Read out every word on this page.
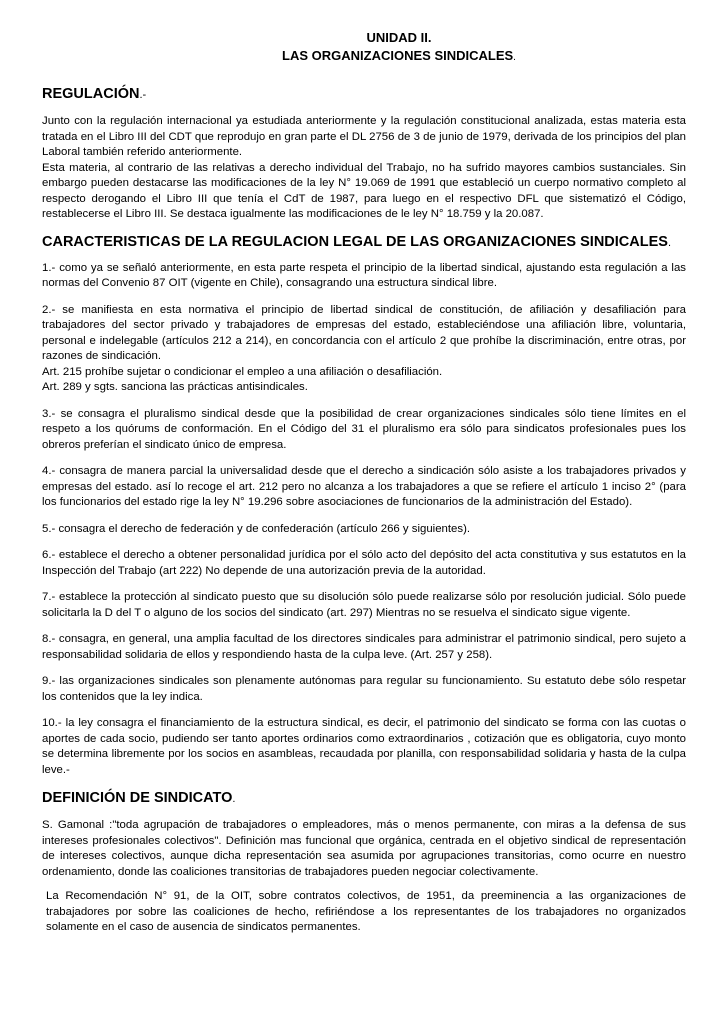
UNIDAD II.
LAS ORGANIZACIONES SINDICALES.
REGULACIÓN.-

Junto con la regulación internacional ya estudiada anteriormente y la regulación constitucional analizada, estas materia esta tratada en el Libro III del CDT que reprodujo en gran parte el DL 2756 de 3 de junio de 1979, derivada de los principios del plan Laboral también referido anteriormente.

Esta materia, al contrario de las relativas a derecho individual del Trabajo, no ha sufrido mayores cambios sustanciales. Sin embargo pueden destacarse las modificaciones de la ley N° 19.069 de 1991 que estableció un cuerpo normativo completo al respecto derogando el Libro III que tenía el CdT de 1987, para luego en el respectivo DFL que sistematizó el Código, restablecerse el Libro III. Se destaca igualmente las modificaciones de le ley N° 18.759 y la 20.087.

CARACTERISTICAS DE LA REGULACION LEGAL DE LAS ORGANIZACIONES SINDICALES.

1.- como ya se señaló anteriormente, en esta parte respeta el principio de la libertad sindical, ajustando esta regulación a las normas del Convenio 87 OIT (vigente en Chile), consagrando una estructura sindical libre.

2.- se manifiesta en esta normativa el principio de libertad sindical de constitución, de afiliación y desafiliación para trabajadores del sector privado y trabajadores de empresas del estado, estableciéndose una afiliación libre, voluntaria, personal e indelegable (artículos 212 a 214), en concordancia con el artículo 2 que prohíbe la discriminación, entre otras, por razones de sindicación.

Art. 215 prohíbe sujetar o condicionar el empleo a una afiliación o desafiliación.

Art. 289 y sgts. sanciona las prácticas antisindicales.

3.- se consagra el pluralismo sindical desde que la posibilidad de crear organizaciones sindicales sólo tiene límites en el respeto a los quórums de conformación. En el Código del 31 el pluralismo era sólo para sindicatos profesionales pues los obreros preferían el sindicato único de empresa.

4.- consagra de manera parcial la universalidad desde que el derecho a sindicación sólo asiste a los trabajadores privados y empresas del estado. así lo recoge el art. 212 pero no alcanza a los trabajadores a que se refiere el artículo 1 inciso 2° (para los funcionarios del estado rige la ley N° 19.296 sobre asociaciones de funcionarios de la administración del Estado).

5.- consagra el derecho de federación y de confederación (artículo 266 y siguientes).

6.- establece el derecho a obtener personalidad jurídica por el sólo acto del depósito del acta constitutiva y sus estatutos en la Inspección del Trabajo (art 222) No depende de una autorización previa de la autoridad.

7.- establece la protección al sindicato puesto que su disolución sólo puede realizarse sólo por resolución judicial. Sólo puede solicitarla la D del T o alguno de los socios del sindicato (art. 297) Mientras no se resuelva el sindicato sigue vigente.

8.- consagra, en general, una amplia facultad de los directores sindicales para administrar el patrimonio sindical, pero sujeto a responsabilidad solidaria de ellos y respondiendo hasta de la culpa leve. (Art. 257 y 258).

9.- las organizaciones sindicales son plenamente autónomas para regular su funcionamiento. Su estatuto debe sólo respetar los contenidos que la ley indica.

10.- la ley consagra el financiamiento de la estructura sindical, es decir, el patrimonio del sindicato se forma con las cuotas o aportes de cada socio, pudiendo ser tanto aportes ordinarios como extraordinarios , cotización que es obligatoria, cuyo monto se determina libremente por los socios en asambleas, recaudada por planilla, con responsabilidad solidaria y hasta de la culpa leve.-

DEFINICIÓN DE SINDICATO.

S. Gamonal :"toda agrupación de trabajadores o empleadores, más o menos permanente, con miras a la defensa de sus intereses profesionales colectivos". Definición mas funcional que orgánica, centrada en el objetivo sindical de representación de intereses colectivos, aunque dicha representación sea asumida por agrupaciones transitorias, como ocurre en nuestro ordenamiento, donde las coaliciones transitorias de trabajadores pueden negociar colectivamente.

La Recomendación N° 91, de la OIT, sobre contratos colectivos, de 1951, da preeminencia a las organizaciones de trabajadores por sobre las coaliciones de hecho, refiriéndose a los representantes de los trabajadores no organizados solamente en el caso de ausencia de sindicatos permanentes.
